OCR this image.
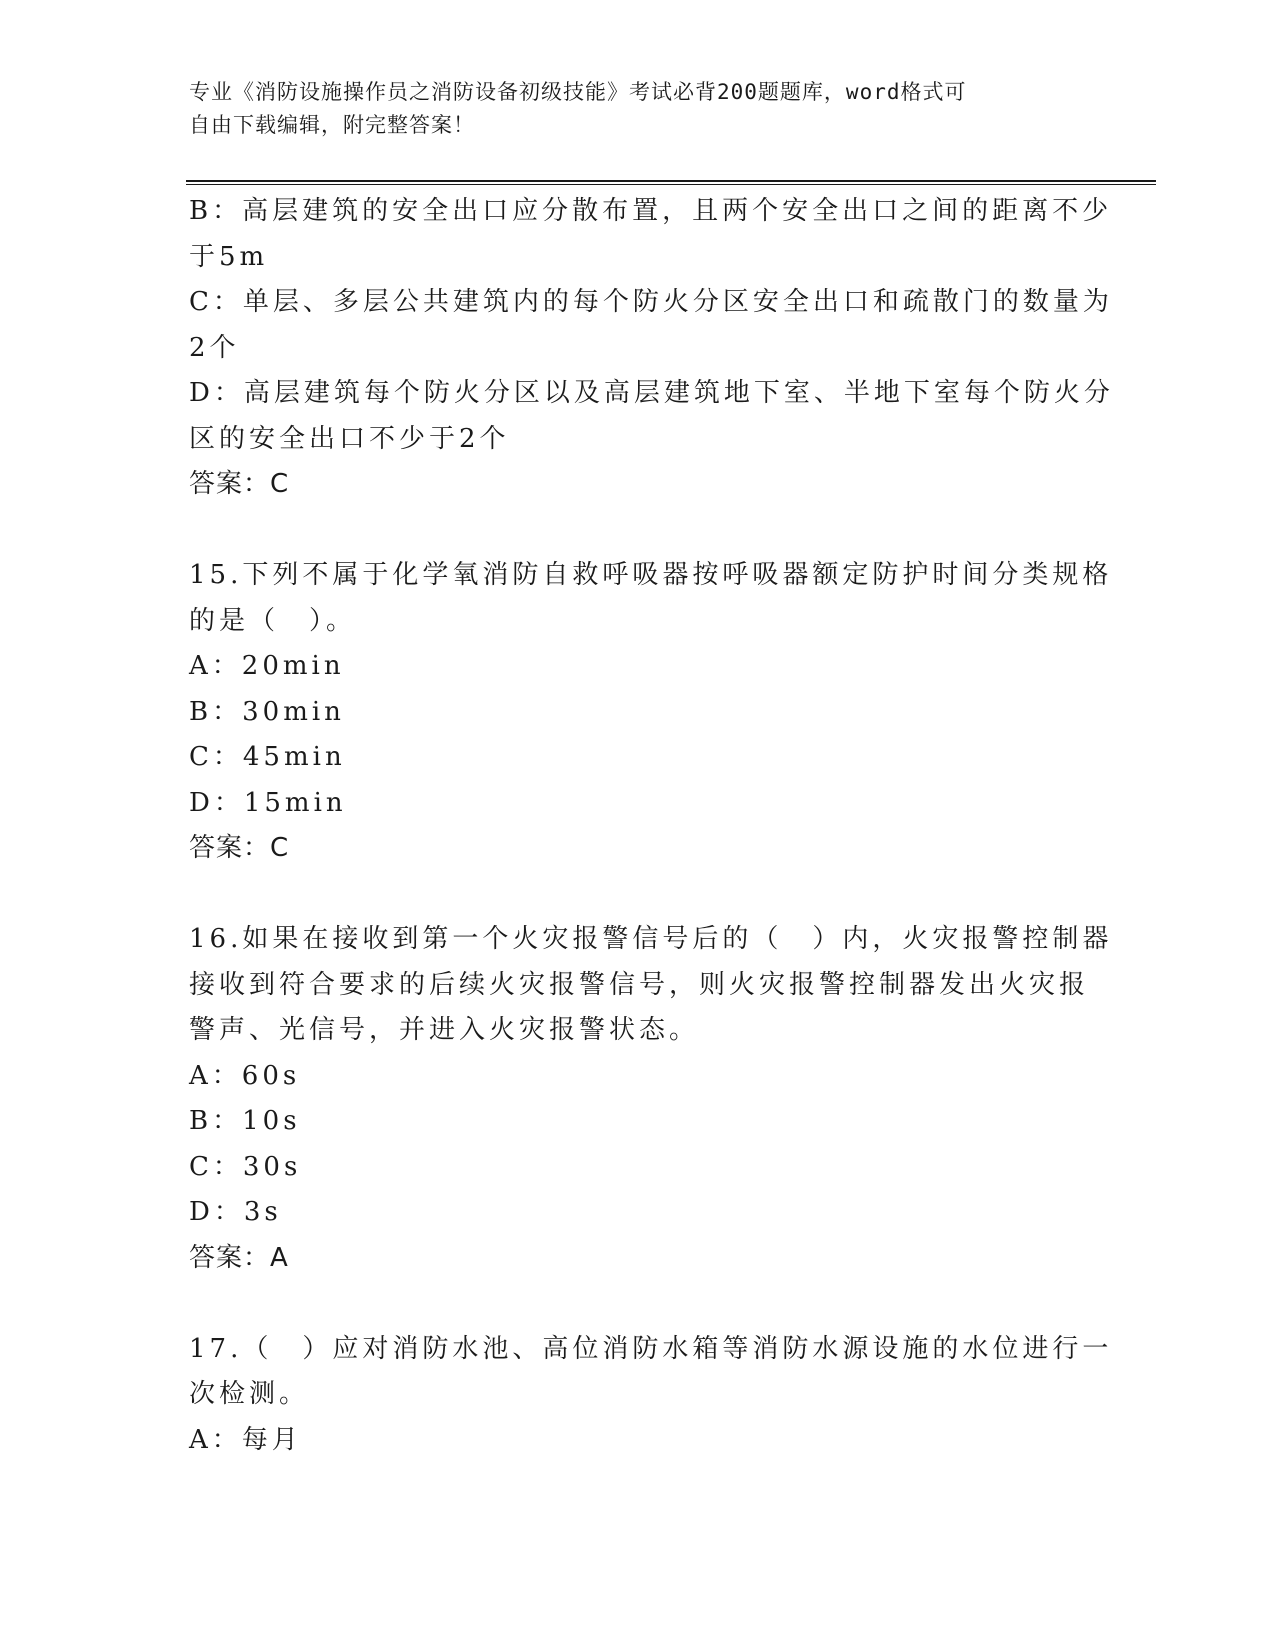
专业《消防设施操作员之消防设备初级技能》考试必背200题题库，word格式可
自由下载编辑，附完整答案！
B：高层建筑的安全出口应分散布置，且两个安全出口之间的距离不少
于5m
C：单层、多层公共建筑内的每个防火分区安全出口和疏散门的数量为
2个
D：高层建筑每个防火分区以及高层建筑地下室、半地下室每个防火分
区的安全出口不少于2个
答案：C
15.下列不属于化学氧消防自救呼吸器按呼吸器额定防护时间分类规格
的是（　）。
A：20min
B：30min
C：45min
D：15min
答案：C
16.如果在接收到第一个火灾报警信号后的（　）内，火灾报警控制器
接收到符合要求的后续火灾报警信号，则火灾报警控制器发出火灾报
警声、光信号，并进入火灾报警状态。
A：60s
B：10s
C：30s
D：3s
答案：A
17.（　）应对消防水池、高位消防水箱等消防水源设施的水位进行一
次检测。
A：每月
